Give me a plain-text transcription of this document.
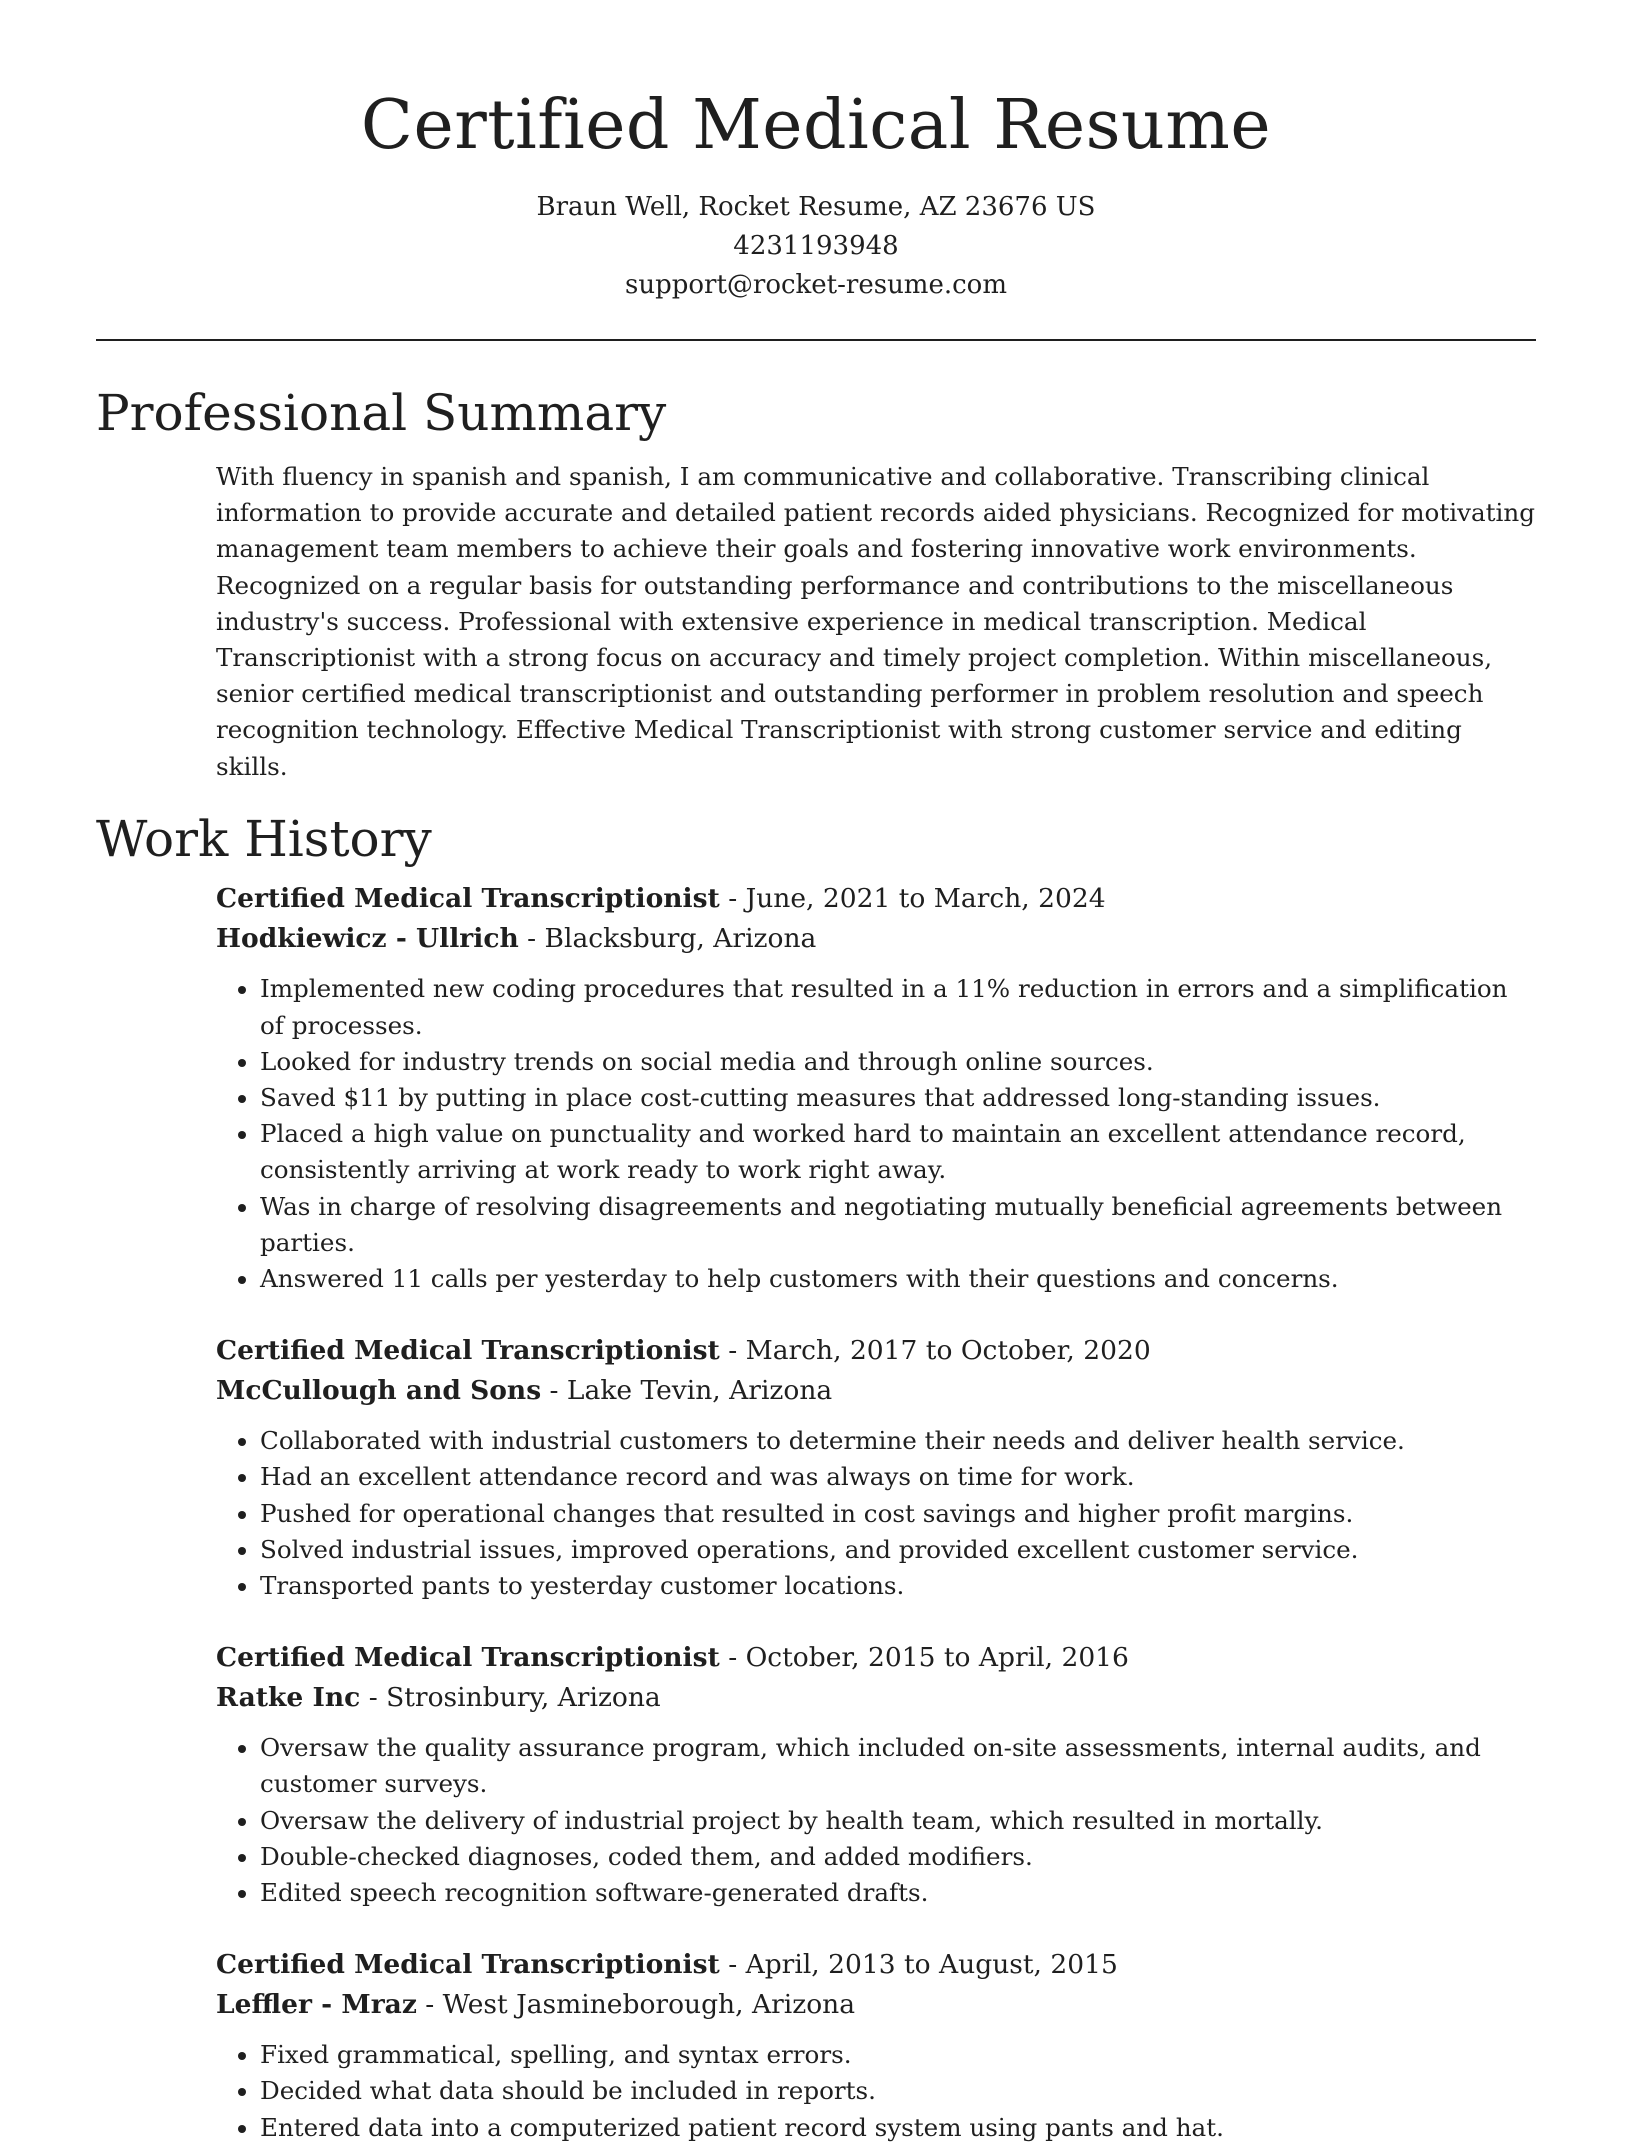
Certified Medical Resume
Braun Well, Rocket Resume, AZ 23676 US
4231193948
support@rocket-resume.com
Professional Summary

With fluency in spanish and spanish, I am communicative and collaborative. Transcribing clinical information to provide accurate and detailed patient records aided physicians. Recognized for motivating management team members to achieve their goals and fostering innovative work environments. Recognized on a regular basis for outstanding performance and contributions to the miscellaneous industry's success. Professional with extensive experience in medical transcription. Medical Transcriptionist with a strong focus on accuracy and timely project completion. Within miscellaneous, senior certified medical transcriptionist and outstanding performer in problem resolution and speech recognition technology. Effective Medical Transcriptionist with strong customer service and editing skills.

Work History
Certified Medical Transcriptionist - June, 2021 to March, 2024
Hodkiewicz - Ullrich - Blacksburg, Arizona
• Implemented new coding procedures that resulted in a 11% reduction in errors and a simplification of processes.
• Looked for industry trends on social media and through online sources.
• Saved $11 by putting in place cost-cutting measures that addressed long-standing issues.
• Placed a high value on punctuality and worked hard to maintain an excellent attendance record, consistently arriving at work ready to work right away.
• Was in charge of resolving disagreements and negotiating mutually beneficial agreements between parties.
• Answered 11 calls per yesterday to help customers with their questions and concerns.
Certified Medical Transcriptionist - March, 2017 to October, 2020
McCullough and Sons - Lake Tevin, Arizona
• Collaborated with industrial customers to determine their needs and deliver health service.
• Had an excellent attendance record and was always on time for work.
• Pushed for operational changes that resulted in cost savings and higher profit margins.
• Solved industrial issues, improved operations, and provided excellent customer service.
• Transported pants to yesterday customer locations.
Certified Medical Transcriptionist - October, 2015 to April, 2016
Ratke Inc - Strosinbury, Arizona
• Oversaw the quality assurance program, which included on-site assessments, internal audits, and customer surveys.
• Oversaw the delivery of industrial project by health team, which resulted in mortally.
• Double-checked diagnoses, coded them, and added modifiers.
• Edited speech recognition software-generated drafts.
Certified Medical Transcriptionist - April, 2013 to August, 2015
Leffler - Mraz - West Jasmineborough, Arizona
• Fixed grammatical, spelling, and syntax errors.
• Decided what data should be included in reports.
• Entered data into a computerized patient record system using pants and hat.
